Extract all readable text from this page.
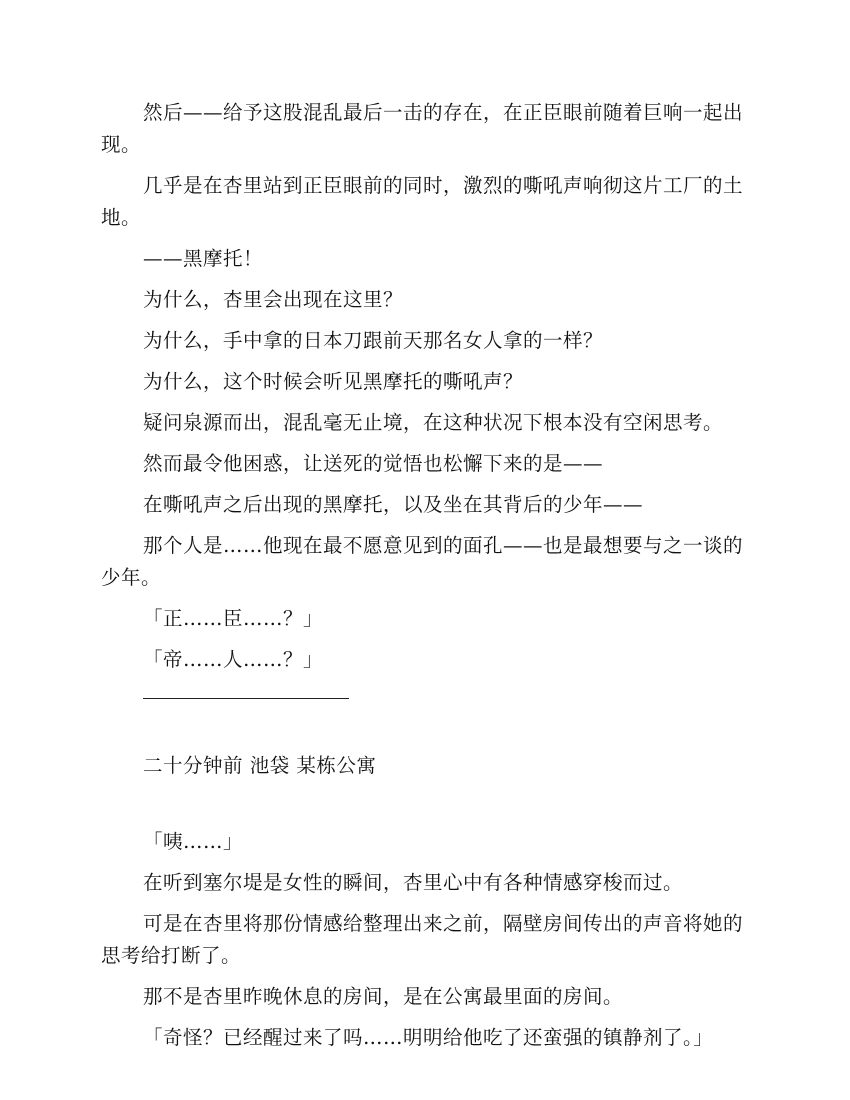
然后——给予这股混乱最后一击的存在，在正臣眼前随着巨响一起出现。

几乎是在杏里站到正臣眼前的同时，激烈的嘶吼声响彻这片工厂的土地。

——黑摩托！

为什么，杏里会出现在这里？

为什么，手中拿的日本刀跟前天那名女人拿的一样？

为什么，这个时候会听见黑摩托的嘶吼声？

疑问泉源而出，混乱毫无止境，在这种状况下根本没有空闲思考。

然而最令他困惑，让送死的觉悟也松懈下来的是——

在嘶吼声之后出现的黑摩托，以及坐在其背后的少年——

那个人是……他现在最不愿意见到的面孔——也是最想要与之一谈的少年。

「正……臣……？」

「帝……人……？」

二十分钟前 池袋 某栋公寓

「咦……」

在听到塞尔堤是女性的瞬间，杏里心中有各种情感穿梭而过。

可是在杏里将那份情感给整理出来之前，隔壁房间传出的声音将她的思考给打断了。

那不是杏里昨晚休息的房间，是在公寓最里面的房间。

「奇怪？已经醒过来了吗……明明给他吃了还蛮强的镇静剂了。」
